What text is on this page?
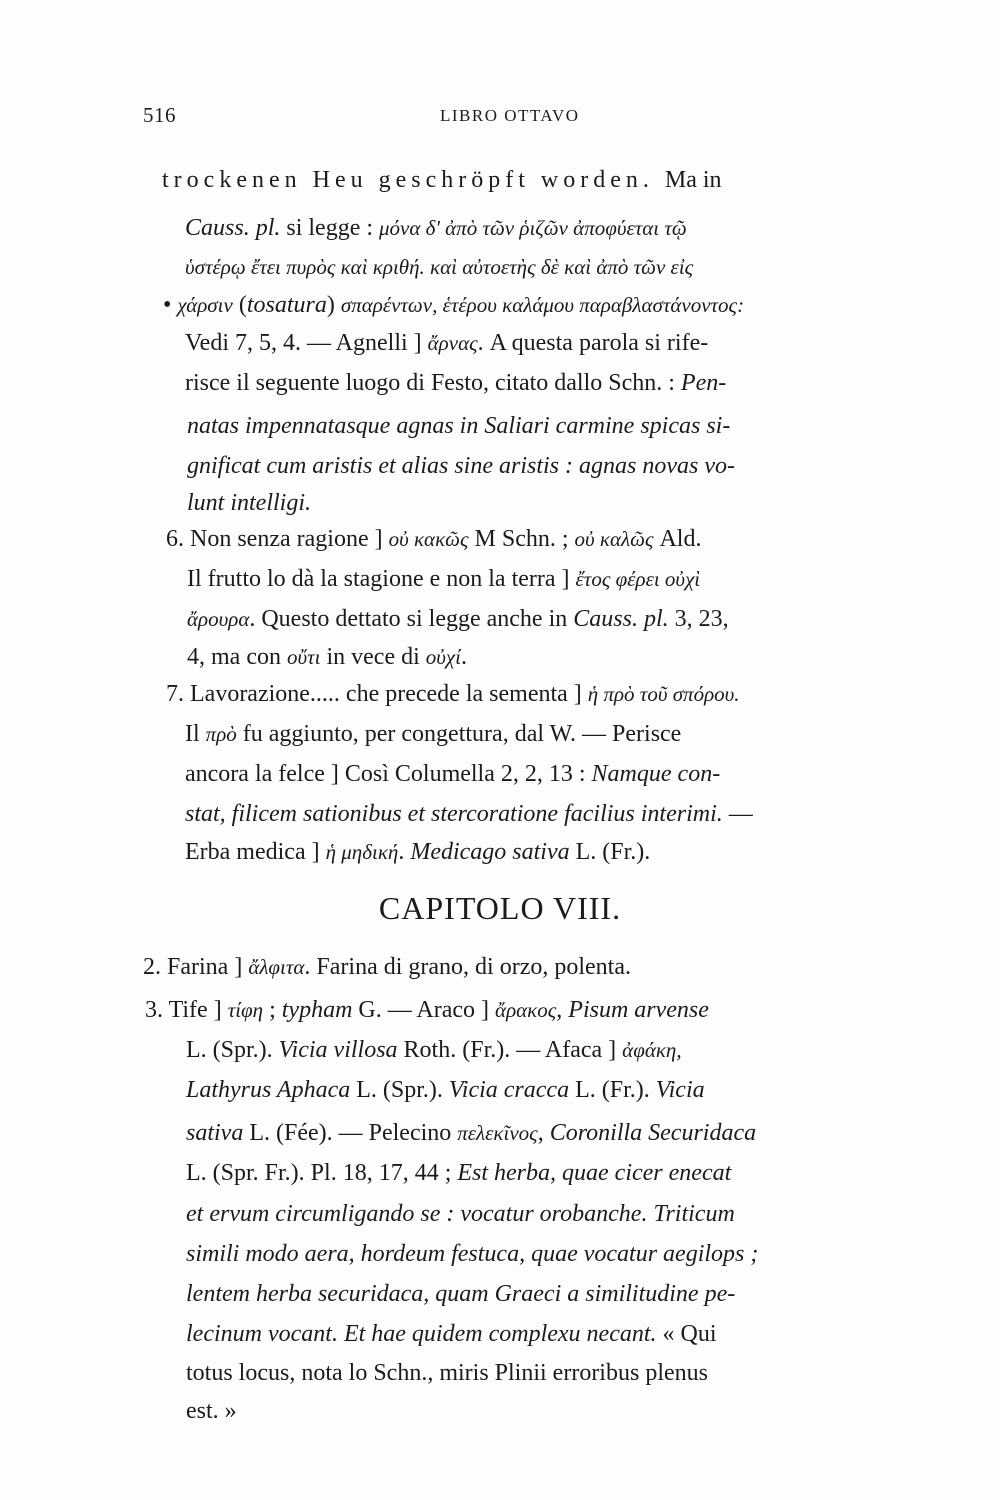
516	LIBRO OTTAVO
trockenen Heu geschröpft worden. Ma in
Causs. pl. si legge : μόνα δ' ἀπὸ τῶν ῥιζῶν ἀποφύεται τῷ
ὑστέρῳ ἔτει πυρὸς καὶ κριθή. καὶ αὐτοετὴς δὲ καὶ ἀπὸ τῶν εἰς
• χάρσιν (tosatura) σπαρέντων, ἑτέρου καλάμου παραβλαστάνοντος:
Vedi 7, 5, 4. — Agnelli ] ἄρνας. A questa parola si rife-
risce il seguente luogo di Festo, citato dallo Schn. : Pen-
natas impennatasque agnas in Saliari carmine spicas si-
gnificat cum aristis et alias sine aristis : agnas novas vo-
lunt intelligi.
6. Non senza ragione ] οὐ κακῶς M Schn. ; οὐ καλῶς Ald.
Il frutto lo dà la stagione e non la terra ] ἔτος φέρει οὐχὶ
ἄρουρα. Questo dettato si legge anche in Causs. pl. 3, 23,
4, ma con οὔτι in vece di οὐχί.
7. Lavorazione..... che precede la sementa ] ἡ πρὸ τοῦ σπόρου.
Il πρὸ fu aggiunto, per congettura, dal W. — Perisce
ancora la felce ] Così Columella 2, 2, 13 : Namque con-
stat, filicem sationibus et stercoratione facilius interimi. —
Erba medica ] ἡ μηδική. Medicago sativa L. (Fr.).
2. Farina ] ἄλφιτα. Farina di grano, di orzo, polenta.
3. Tife ] τίφη ; typham G. — Araco ] ἄρακος, Pisum arvense
L. (Spr.). Vicia villosa Roth. (Fr.). — Afaca ] ἀφάκη,
Lathyrus Aphaca L. (Spr.). Vicia cracca L. (Fr.). Vicia
sativa L. (Fée). — Pelecino πελεκῖνος, Coronilla Securidaca
L. (Spr. Fr.). Pl. 18, 17, 44 ; Est herba, quae cicer enecat
et ervum circumligando se : vocatur orobanche. Triticum
simili modo aera, hordeum festuca, quae vocatur aegilops ;
lentem herba securidaca, quam Graeci a similitudine pe-
lecinum vocant. Et hae quidem complexu necant. « Qui
totus locus, nota lo Schn., miris Plinii erroribus plenus
est. »
CAPITOLO VIII.
